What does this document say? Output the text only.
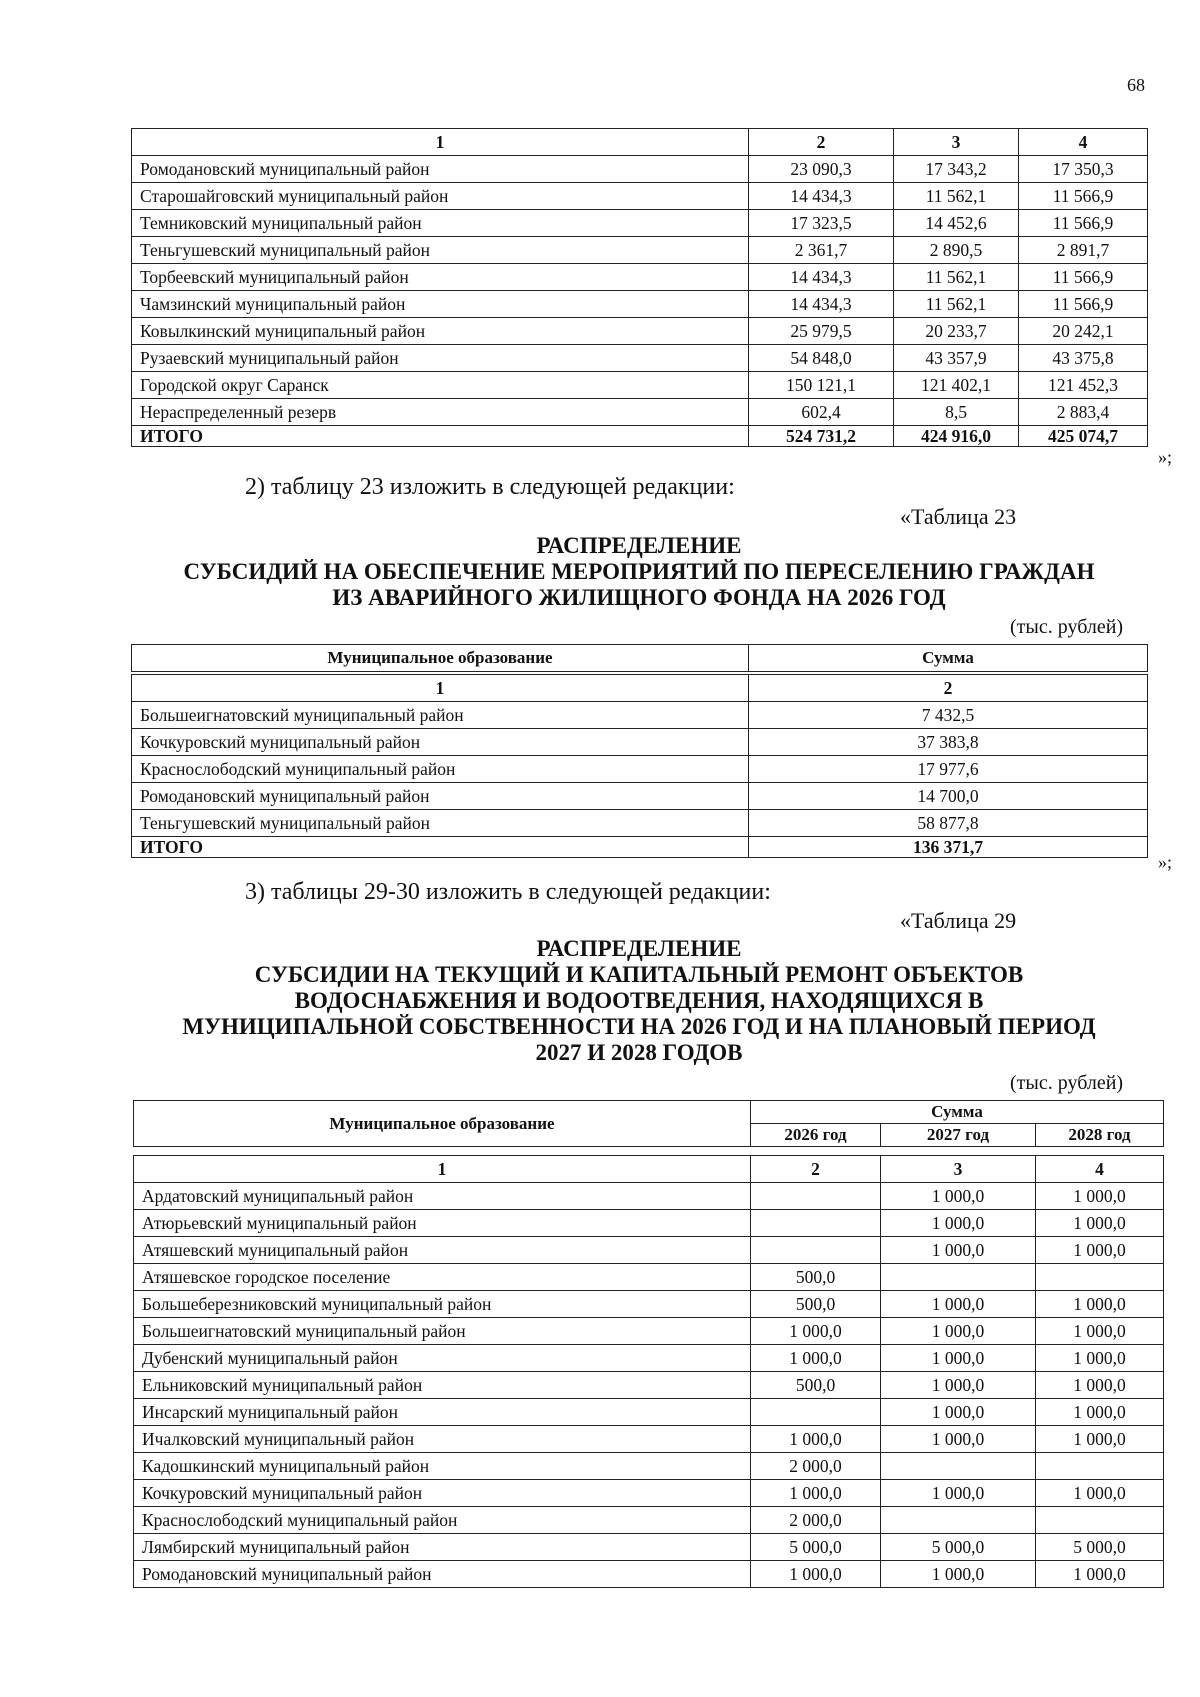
68
1	2	3	4
Ромодановский муниципальный район	23 090,3	17 343,2	17 350,3
Старошайговский муниципальный район	14 434,3	11 562,1	11 566,9
Темниковский муниципальный район	17 323,5	14 452,6	11 566,9
Теньгушевский муниципальный район	2 361,7	2 890,5	2 891,7
Торбеевский муниципальный район	14 434,3	11 562,1	11 566,9
Чамзинский муниципальный район	14 434,3	11 562,1	11 566,9
Ковылкинский муниципальный район	25 979,5	20 233,7	20 242,1
Рузаевский муниципальный район	54 848,0	43 357,9	43 375,8
Городской округ Саранск	150 121,1	121 402,1	121 452,3
Нераспределенный резерв	602,4	8,5	2 883,4
ИТОГО	524 731,2	424 916,0	425 074,7
»;
2) таблицу 23 изложить в следующей редакции:
«Таблица 23
РАСПРЕДЕЛЕНИЕ
СУБСИДИЙ НА ОБЕСПЕЧЕНИЕ МЕРОПРИЯТИЙ ПО ПЕРЕСЕЛЕНИЮ ГРАЖДАН
ИЗ АВАРИЙНОГО ЖИЛИЩНОГО ФОНДА НА 2026 ГОД
(тыс. рублей)
Муниципальное образование	Сумма
1	2
Большеигнатовский муниципальный район	7 432,5
Кочкуровский муниципальный район	37 383,8
Краснослободский муниципальный район	17 977,6
Ромодановский муниципальный район	14 700,0
Теньгушевский муниципальный район	58 877,8
ИТОГО	136 371,7
»;
3) таблицы 29-30 изложить в следующей редакции:
«Таблица 29
РАСПРЕДЕЛЕНИЕ
СУБСИДИИ НА ТЕКУЩИЙ И КАПИТАЛЬНЫЙ РЕМОНТ ОБЪЕКТОВ
ВОДОСНАБЖЕНИЯ И ВОДООТВЕДЕНИЯ, НАХОДЯЩИХСЯ В
МУНИЦИПАЛЬНОЙ СОБСТВЕННОСТИ НА 2026 ГОД И НА ПЛАНОВЫЙ ПЕРИОД
2027 И 2028 ГОДОВ
(тыс. рублей)
Муниципальное образование	Сумма		
	2026 год	2027 год	2028 год
1	2	3	4
Ардатовский муниципальный район		1 000,0	1 000,0
Атюрьевский муниципальный район		1 000,0	1 000,0
Атяшевский муниципальный район		1 000,0	1 000,0
Атяшевское городское поселение	500,0		
Большеберезниковский муниципальный район	500,0	1 000,0	1 000,0
Большеигнатовский муниципальный район	1 000,0	1 000,0	1 000,0
Дубенский муниципальный район	1 000,0	1 000,0	1 000,0
Ельниковский муниципальный район	500,0	1 000,0	1 000,0
Инсарский муниципальный район		1 000,0	1 000,0
Ичалковский муниципальный район	1 000,0	1 000,0	1 000,0
Кадошкинский муниципальный район	2 000,0		
Кочкуровский муниципальный район	1 000,0	1 000,0	1 000,0
Краснослободский муниципальный район	2 000,0		
Лямбирский муниципальный район	5 000,0	5 000,0	5 000,0
Ромодановский муниципальный район	1 000,0	1 000,0	1 000,0
